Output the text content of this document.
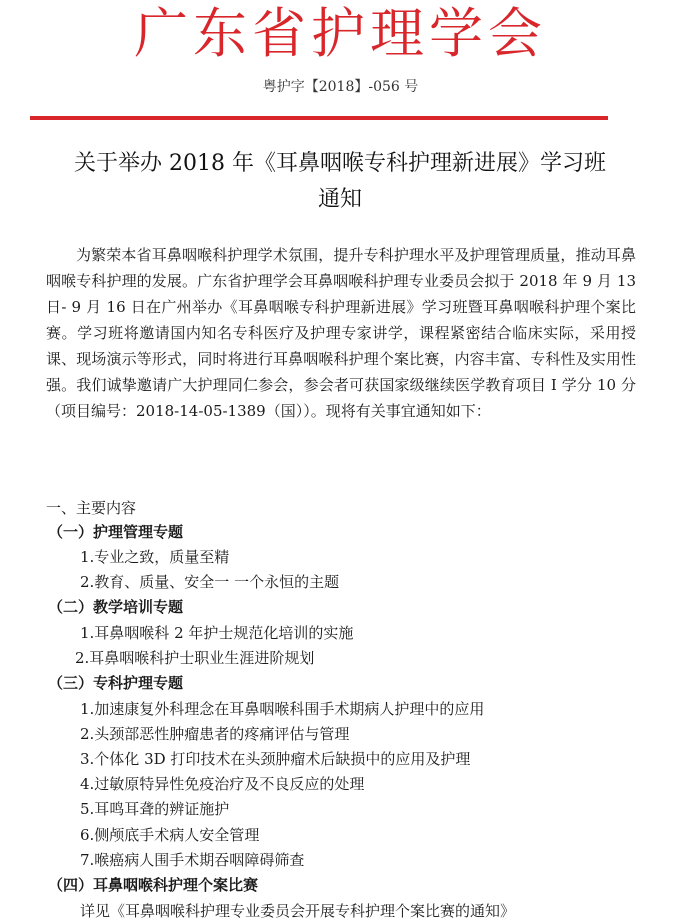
广东省护理学会
粤护字【2018】-056 号
关于举办 2018 年《耳鼻咽喉专科护理新进展》学习班
通知

为繁荣本省耳鼻咽喉科护理学术氛围，提升专科护理水平及护理管理质量，推动耳鼻咽喉专科护理的发展。广东省护理学会耳鼻咽喉科护理专业委员会拟于 2018 年 9 月 13 日- 9 月 16 日在广州举办《耳鼻咽喉专科护理新进展》学习班暨耳鼻咽喉科护理个案比赛。学习班将邀请国内知名专科医疗及护理专家讲学，课程紧密结合临床实际，采用授课、现场演示等形式，同时将进行耳鼻咽喉科护理个案比赛，内容丰富、专科性及实用性强。我们诚挚邀请广大护理同仁参会，参会者可获国家级继续医学教育项目 I 学分 10 分（项目编号：2018-14-05-1389（国））。现将有关事宜通知如下：

一、主要内容

（一）护理管理专题

1.专业之致，质量至精

2.教育、质量、安全一 一个永恒的主题

（二）教学培训专题

1.耳鼻咽喉科 2 年护士规范化培训的实施

2.耳鼻咽喉科护士职业生涯进阶规划

（三）专科护理专题

1.加速康复外科理念在耳鼻咽喉科围手术期病人护理中的应用

2.头颈部恶性肿瘤患者的疼痛评估与管理

3.个体化 3D 打印技术在头颈肿瘤术后缺损中的应用及护理

4.过敏原特异性免疫治疗及不良反应的处理

5.耳鸣耳聋的辨证施护

6.侧颅底手术病人安全管理

7.喉癌病人围手术期吞咽障碍筛查

（四）耳鼻咽喉科护理个案比赛

详见《耳鼻咽喉科护理专业委员会开展专科护理个案比赛的通知》
